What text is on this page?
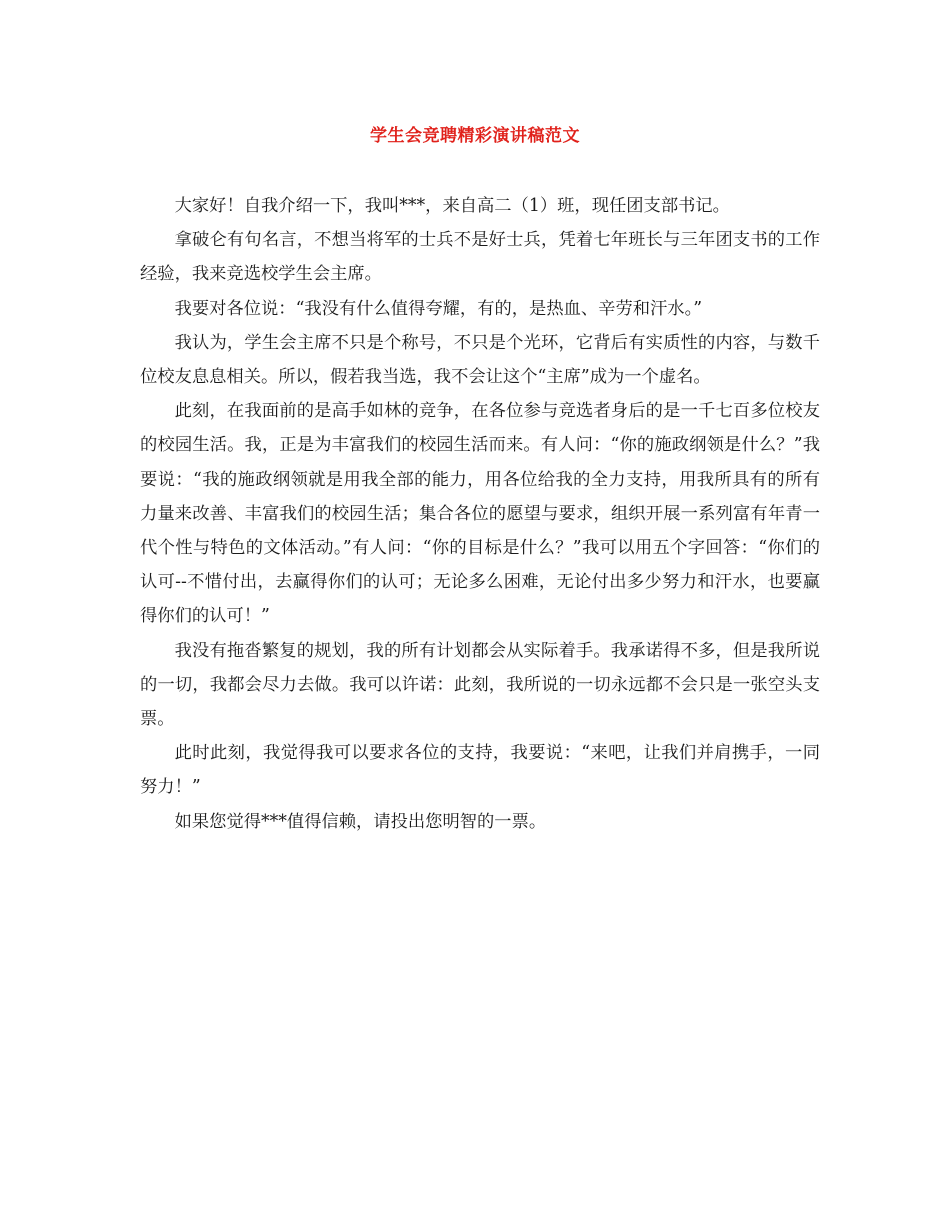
学生会竞聘精彩演讲稿范文

大家好！自我介绍一下，我叫***，来自高二（1）班，现任团支部书记。

拿破仑有句名言，不想当将军的士兵不是好士兵，凭着七年班长与三年团支书的工作经验，我来竞选校学生会主席。

我要对各位说：“我没有什么值得夸耀，有的，是热血、辛劳和汗水。”

我认为，学生会主席不只是个称号，不只是个光环，它背后有实质性的内容，与数千位校友息息相关。所以，假若我当选，我不会让这个“主席”成为一个虚名。

此刻，在我面前的是高手如林的竞争，在各位参与竞选者身后的是一千七百多位校友的校园生活。我，正是为丰富我们的校园生活而来。有人问：“你的施政纲领是什么？”我要说：“我的施政纲领就是用我全部的能力，用各位给我的全力支持，用我所具有的所有力量来改善、丰富我们的校园生活；集合各位的愿望与要求，组织开展一系列富有年青一代个性与特色的文体活动。”有人问：“你的目标是什么？”我可以用五个字回答：“你们的认可--不惜付出，去赢得你们的认可；无论多么困难，无论付出多少努力和汗水，也要赢得你们的认可！”

我没有拖沓繁复的规划，我的所有计划都会从实际着手。我承诺得不多，但是我所说的一切，我都会尽力去做。我可以许诺：此刻，我所说的一切永远都不会只是一张空头支票。

此时此刻，我觉得我可以要求各位的支持，我要说：“来吧，让我们并肩携手，一同努力！”

如果您觉得***值得信赖，请投出您明智的一票。
